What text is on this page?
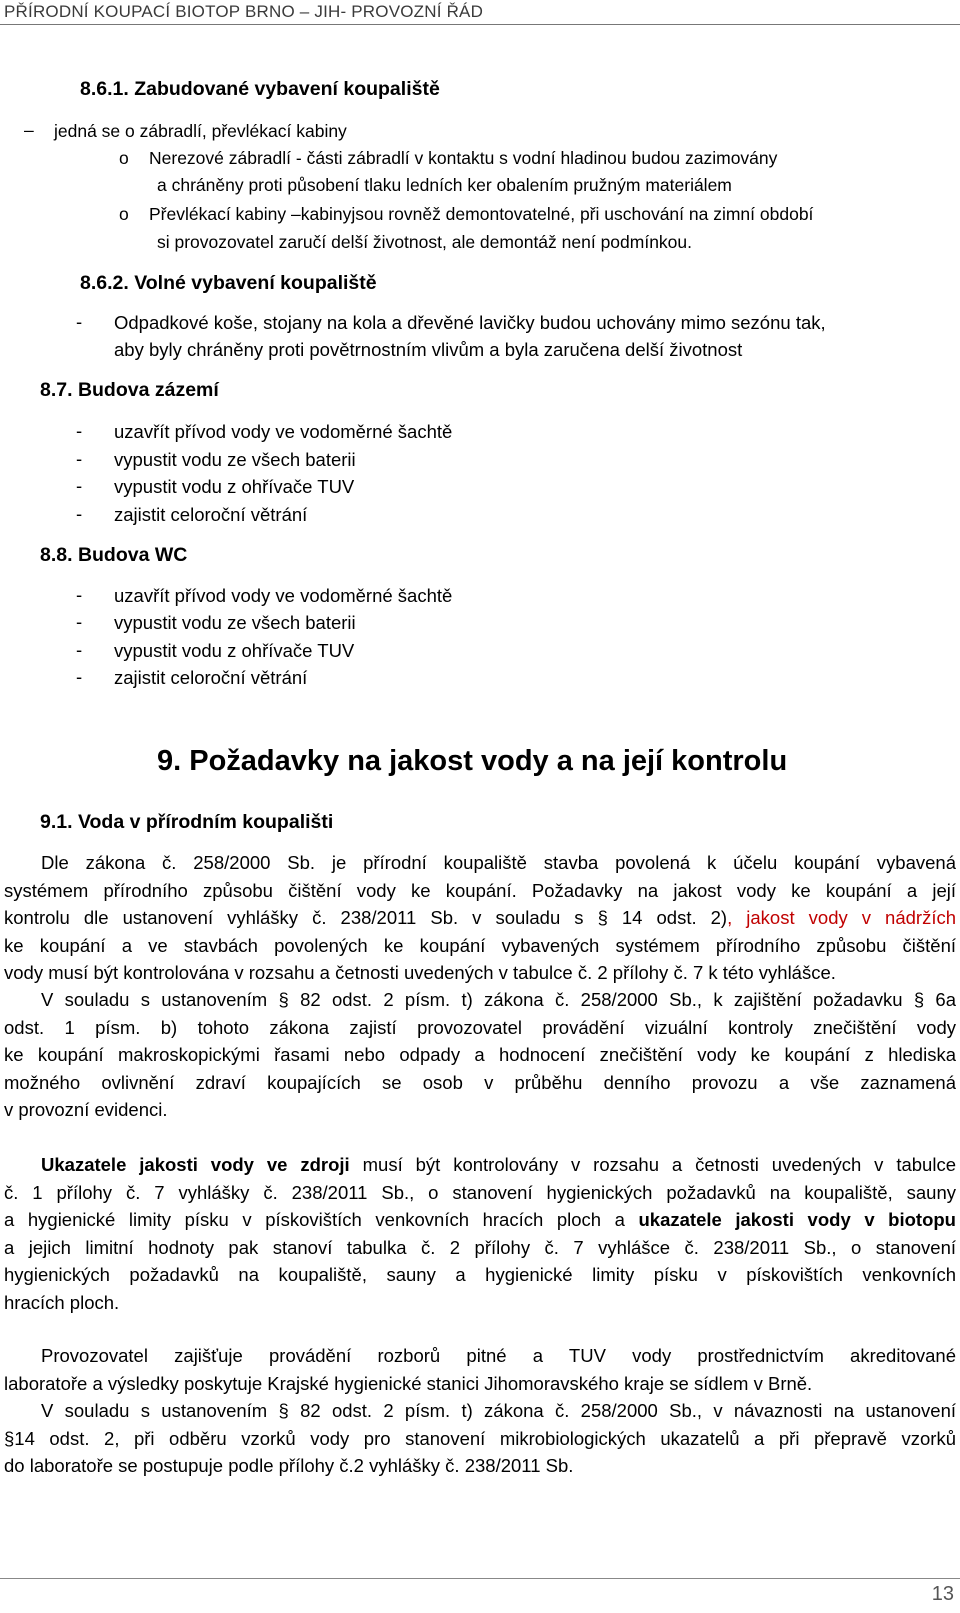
PŘÍRODNÍ KOUPACÍ BIOTOP BRNO – JIH- PROVOZNÍ ŘÁD
8.6.1. Zabudované vybavení koupaliště
– jedná se o zábradlí, převlékací kabiny
o Nerezové zábradlí - části zábradlí v kontaktu s vodní hladinou budou zazimovány
a chráněny proti působení tlaku ledních ker obalením pružným materiálem
o Převlékací kabiny –kabinyjsou rovněž demontovatelné, při uschování na zimní období
si provozovatel zaručí delší životnost, ale demontáž není podmínkou.
8.6.2. Volné vybavení koupaliště
- Odpadkové koše, stojany na kola a dřevěné lavičky budou uchovány mimo sezónu tak,
aby byly chráněny proti povětrnostním vlivům a byla zaručena delší životnost
8.7. Budova zázemí
- uzavřít přívod vody ve vodoměrné šachtě
- vypustit vodu ze všech baterii
- vypustit vodu z ohřívače TUV
- zajistit celoroční větrání
8.8. Budova WC
- uzavřít přívod vody ve vodoměrné šachtě
- vypustit vodu ze všech baterii
- vypustit vodu z ohřívače TUV
- zajistit celoroční větrání
9. Požadavky na jakost vody a na její kontrolu
9.1. Voda v přírodním koupališti
Dle zákona č. 258/2000 Sb. je přírodní koupaliště stavba povolená k účelu koupání vybavená
systémem přírodního způsobu čištění vody ke koupání. Požadavky na jakost vody ke koupání a její
kontrolu dle ustanovení vyhlášky č. 238/2011 Sb. v souladu s § 14 odst. 2), jakost vody v nádržích
ke koupání a ve stavbách povolených ke koupání vybavených systémem přírodního způsobu čištění
vody musí být kontrolována v rozsahu a četnosti uvedených v tabulce č. 2 přílohy č. 7 k této vyhlášce.
V souladu s ustanovením § 82 odst. 2 písm. t) zákona č. 258/2000 Sb., k zajištění požadavku § 6a
odst. 1 písm. b) tohoto zákona zajistí provozovatel provádění vizuální kontroly znečištění vody
ke koupání makroskopickými řasami nebo odpady a hodnocení znečištění vody ke koupání z hlediska
možného ovlivnění zdraví koupajících se osob v průběhu denního provozu a vše zaznamená
v provozní evidenci.
Ukazatele jakosti vody ve zdroji musí být kontrolovány v rozsahu a četnosti uvedených v tabulce
č. 1 přílohy č. 7 vyhlášky č. 238/2011 Sb., o stanovení hygienických požadavků na koupaliště, sauny
a hygienické limity písku v pískovištích venkovních hracích ploch a ukazatele jakosti vody v biotopu
a jejich limitní hodnoty pak stanoví tabulka č. 2 přílohy č. 7 vyhlášce č. 238/2011 Sb., o stanovení
hygienických požadavků na koupaliště, sauny a hygienické limity písku v pískovištích venkovních
hracích ploch.
Provozovatel zajišťuje provádění rozborů pitné a TUV vody prostřednictvím akreditované
laboratoře a výsledky poskytuje Krajské hygienické stanici Jihomoravského kraje se sídlem v Brně.
V souladu s ustanovením § 82 odst. 2 písm. t) zákona č. 258/2000 Sb., v návaznosti na ustanovení
§14 odst. 2, při odběru vzorků vody pro stanovení mikrobiologických ukazatelů a při přepravě vzorků
do laboratoře se postupuje podle přílohy č.2 vyhlášky č. 238/2011 Sb.
13
